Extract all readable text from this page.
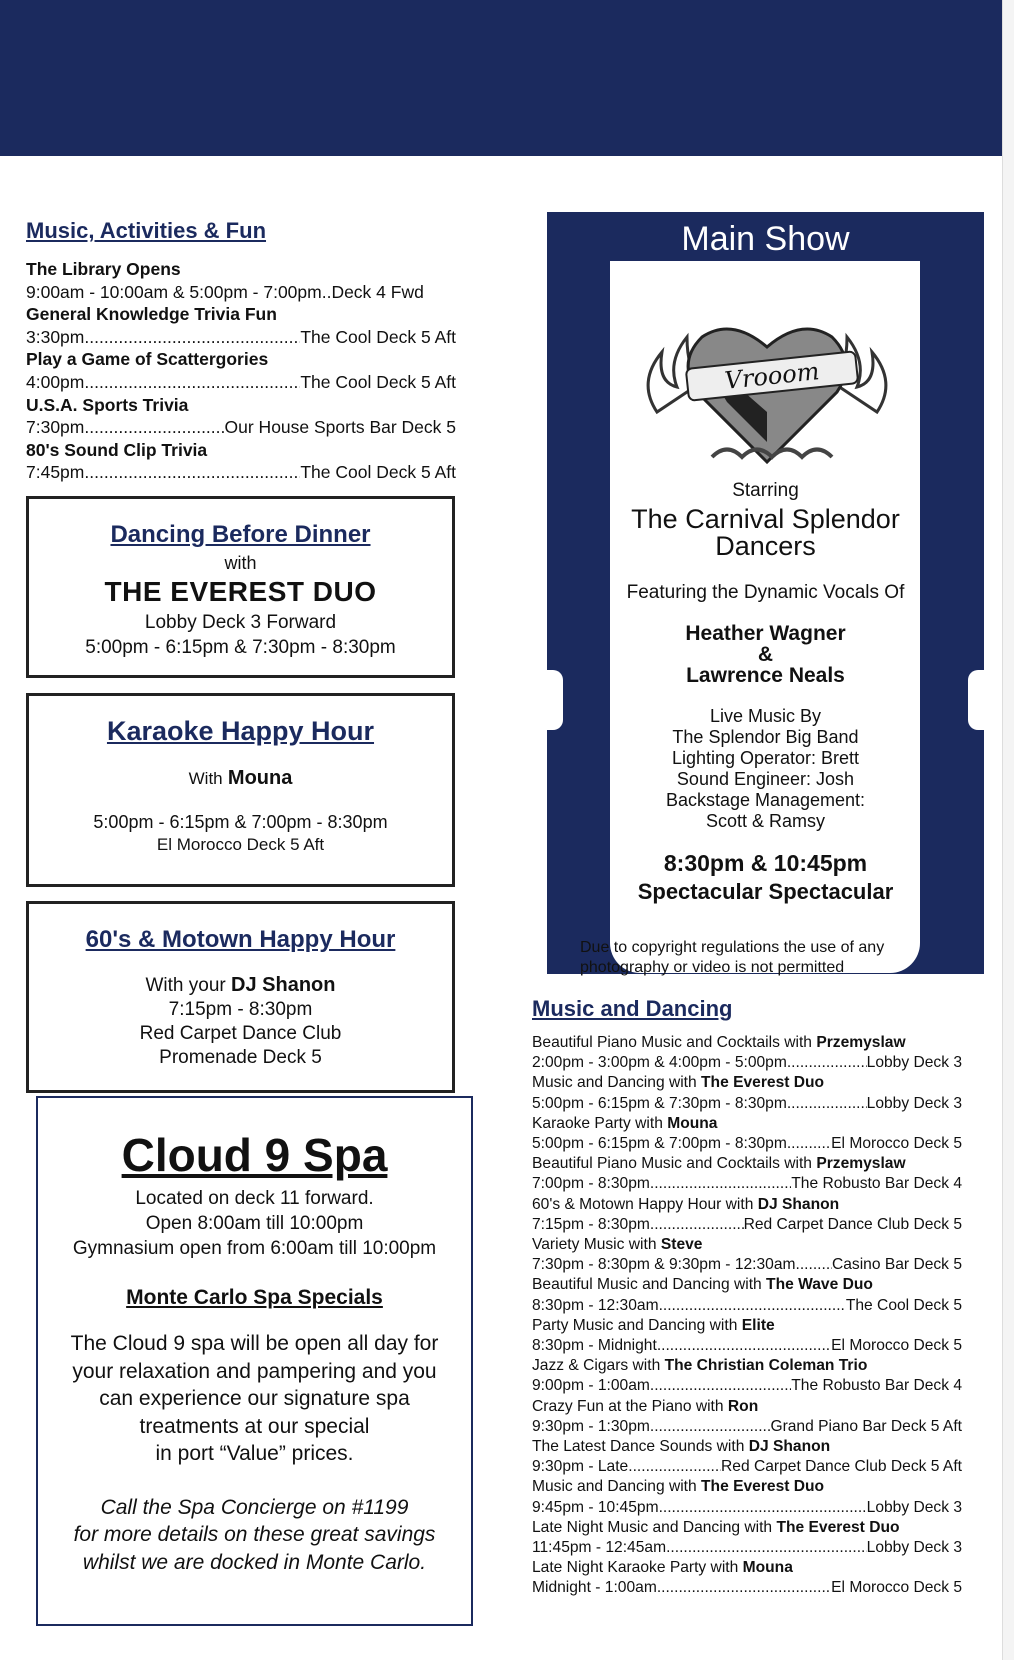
Music, Activities & Fun
The Library Opens
9:00am - 10:00am & 5:00pm - 7:00pm..Deck 4 Fwd
General Knowledge Trivia Fun
3:30pm .....	The Cool Deck 5 Aft
Play a Game of Scattergories
4:00pm .....	The Cool Deck 5 Aft
U.S.A. Sports Trivia
7:30pm .....	Our House Sports Bar Deck 5
80's Sound Clip Trivia
7:45pm .....	The Cool Deck 5 Aft
Dancing Before Dinner
with
THE EVEREST DUO
Lobby Deck 3 Forward
5:00pm - 6:15pm & 7:30pm - 8:30pm
Karaoke Happy Hour
With Mouna
5:00pm - 6:15pm & 7:00pm - 8:30pm
El Morocco Deck 5 Aft
60's & Motown Happy Hour
With your DJ Shanon
7:15pm - 8:30pm
Red Carpet Dance Club
Promenade Deck 5
Cloud 9 Spa
Located on deck 11 forward.
Open 8:00am till 10:00pm
Gymnasium open from 6:00am till 10:00pm
Monte Carlo Spa Specials
The Cloud 9 spa will be open all day for
your relaxation and pampering and you
can experience our signature spa
treatments at our special
in port “Value” prices.
Call the Spa Concierge on #1199
for more details on these great savings
whilst we are docked in Monte Carlo.
Main Show
Vrooom
Starring
The Carnival Splendor
Dancers
Featuring the Dynamic Vocals Of
Heather Wagner
&
Lawrence Neals
Live Music By
The Splendor Big Band
Lighting Operator: Brett
Sound Engineer: Josh
Backstage Management:
Scott & Ramsy
8:30pm & 10:45pm
Spectacular Spectacular
Due to copyright regulations the use of any photography or video is not permitted
Music and Dancing
Beautiful Piano Music and Cocktails with Przemyslaw
2:00pm - 3:00pm & 4:00pm - 5:00pm .....	Lobby Deck 3
Music and Dancing with The Everest Duo
5:00pm - 6:15pm & 7:30pm - 8:30pm .....	Lobby Deck 3
Karaoke Party with Mouna
5:00pm - 6:15pm & 7:00pm - 8:30pm .....	El Morocco Deck 5
Beautiful Piano Music and Cocktails with Przemyslaw
7:00pm - 8:30pm .....	The Robusto Bar Deck 4
60's & Motown Happy Hour with DJ Shanon
7:15pm - 8:30pm .....	Red Carpet Dance Club Deck 5
Variety Music with Steve
7:30pm - 8:30pm & 9:30pm - 12:30am.. ..... Casino Bar Deck 5
Beautiful Music and Dancing with The Wave Duo
8:30pm - 12:30am .....	The Cool Deck 5
Party Music and Dancing with Elite
8:30pm - Midnight .....	El Morocco Deck 5
Jazz & Cigars with The Christian Coleman Trio
9:00pm - 1:00am .....	The Robusto Bar Deck 4
Crazy Fun at the Piano with Ron
9:30pm - 1:30pm .....	Grand Piano Bar Deck 5 Aft
The Latest Dance Sounds with DJ Shanon
9:30pm - Late .....	Red Carpet Dance Club Deck 5 Aft
Music and Dancing with The Everest Duo
9:45pm - 10:45pm .....	Lobby Deck 3
Late Night Music and Dancing with The Everest Duo
11:45pm - 12:45am .....	Lobby Deck 3
Late Night Karaoke Party with Mouna
Midnight - 1:00am .....	El Morocco Deck 5
